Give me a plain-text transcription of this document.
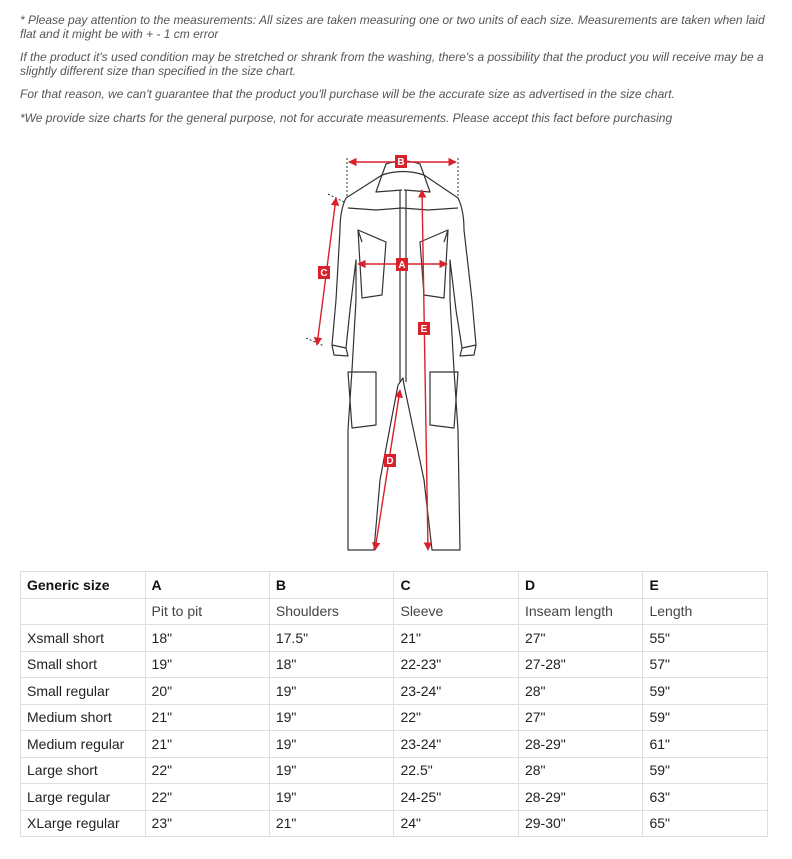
* Please pay attention to the measurements: All sizes are taken measuring one or two units of each size. Measurements are taken when laid flat and it might be with + - 1 cm error

If the product it's used condition may be stretched or shrank from the washing, there's a possibility that the product you will receive may be a slightly different size than specified in the size chart.

For that reason, we can't guarantee that the product you'll purchase will be the accurate size as advertised in the size chart.

*We provide size charts for the general purpose, not for accurate measurements. Please accept this fact before purchasing

B
A
C
E
D
Generic size	A	B	C	D	E
	Pit to pit	Shoulders	Sleeve	Inseam length	Length
Xsmall short	18"	17.5"	21"	27"	55"
Small short	19"	18"	22-23"	27-28"	57"
Small regular	20"	19"	23-24"	28"	59"
Medium short	21"	19"	22"	27"	59"
Medium regular	21"	19"	23-24"	28-29"	61"
Large short	22"	19"	22.5"	28"	59"
Large regular	22"	19"	24-25"	28-29"	63"
XLarge regular	23"	21"	24"	29-30"	65"
